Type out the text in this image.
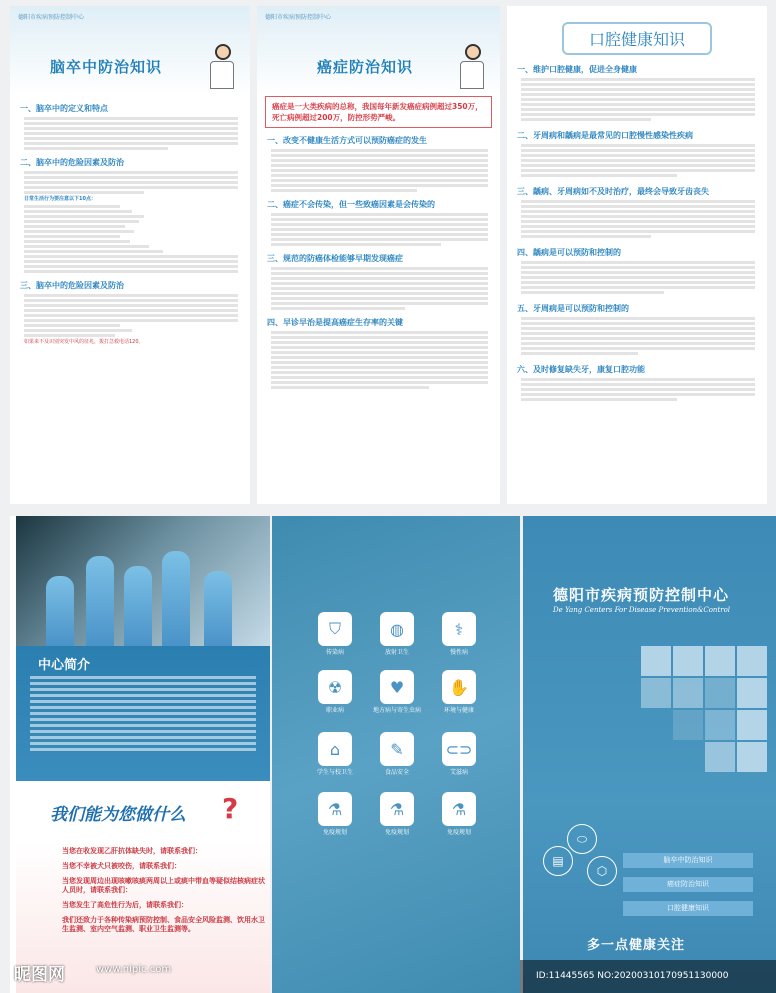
德阳市疾病预防控制中心
脑卒中防治知识
一、脑卒中的定义和特点
二、脑卒中的危险因素及防治
日常生活行为要注意以下10点：
三、脑卒中的危险因素及防治
如果来不及识别突发中风的征兆，拨打急救电话120。
德阳市疾病预防控制中心
癌症防治知识
癌症是一大类疾病的总称，我国每年新发癌症病例超过350万，死亡病例超过200万，防控形势严峻。
一、改变不健康生活方式可以预防癌症的发生
二、癌症不会传染，但一些致癌因素是会传染的
三、规范的防癌体检能够早期发现癌症
四、早诊早治是提高癌症生存率的关键
口腔健康知识
一、维护口腔健康，促进全身健康
二、牙周病和龋病是最常见的口腔慢性感染性疾病
三、龋病、牙周病如不及时治疗，最终会导致牙齿丧失
四、龋病是可以预防和控制的
五、牙周病是可以预防和控制的
六、及时修复缺失牙，康复口腔功能
中心简介
我们能为您做什么 ?
当您在收发现乙肝抗体缺失时，请联系我们：
当您不幸被犬只被咬伤，请联系我们：
当您发现周边出现咳嗽咳痰两周以上或痰中带血等疑似结核病症状人员时，请联系我们：
当您发生了高危性行为后，请联系我们：
我们还致力于各种传染病预防控制、食品安全风险监测、饮用水卫生监测、室内空气监测、职业卫生监测等。
⛉
传染病
◍
放射卫生
⚕
慢性病
☢
职业病
♥
地方病与寄生虫病
✋
环境与健康
⌂
学生与校卫生
✎
食品安全
⊂⊃
艾滋病
⚗
免疫规划
⚗
免疫规划
⚗
免疫规划
德阳市疾病预防控制中心
De Yang Centers For Disease Prevention&Control
▤
⬭
⬡
脑卒中防治知识
癌症防治知识
口腔健康知识
多一点健康关注
昵图网	www.nipic.com
ID:11445565 NO:20200310170951130000
